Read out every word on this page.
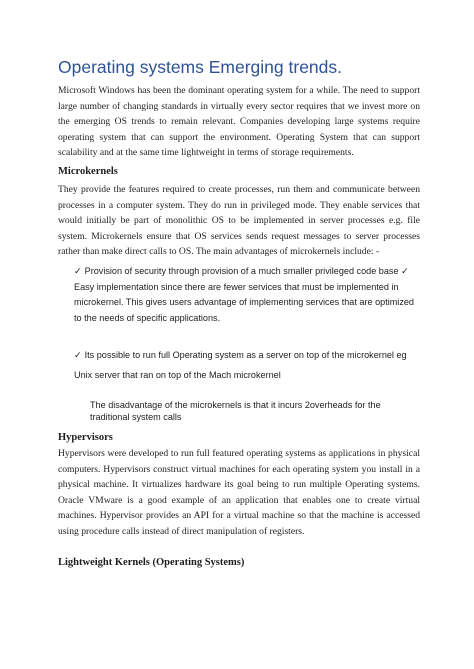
Operating systems Emerging trends.

Microsoft Windows has been the dominant operating system for a while. The need to support large number of changing standards in virtually every sector requires that we invest more on the emerging OS trends to remain relevant. Companies developing large systems require operating system that can support the environment. Operating System that can support scalability and at the same time lightweight in terms of storage requirements.

Microkernels

They provide the features required to create processes, run them and communicate between processes in a computer system. They do run in privileged mode. They enable services that would initially be part of monolithic OS to be implemented in server processes e.g. file system. Microkernels ensure that OS services sends request messages to server processes rather than make direct calls to OS. The main advantages of microkernels include: -

✓ Provision of security through provision of a much smaller privileged code base ✓ Easy implementation since there are fewer services that must be implemented in microkernel. This gives users advantage of implementing services that are optimized to the needs of specific applications.

✓ Its possible to run full Operating system as a server on top of the microkernel eg Unix server that ran on top of the Mach microkernel

The disadvantage of the microkernels is that it incurs 2overheads for the traditional system calls

Hypervisors

Hypervisors were developed to run full featured operating systems as applications in physical computers. Hypervisors construct virtual machines for each operating system you install in a physical machine. It virtualizes hardware its goal being to run multiple Operating systems. Oracle VMware is a good example of an application that enables one to create virtual machines. Hypervisor provides an API for a virtual machine so that the machine is accessed using procedure calls instead of direct manipulation of registers.

Lightweight Kernels (Operating Systems)
